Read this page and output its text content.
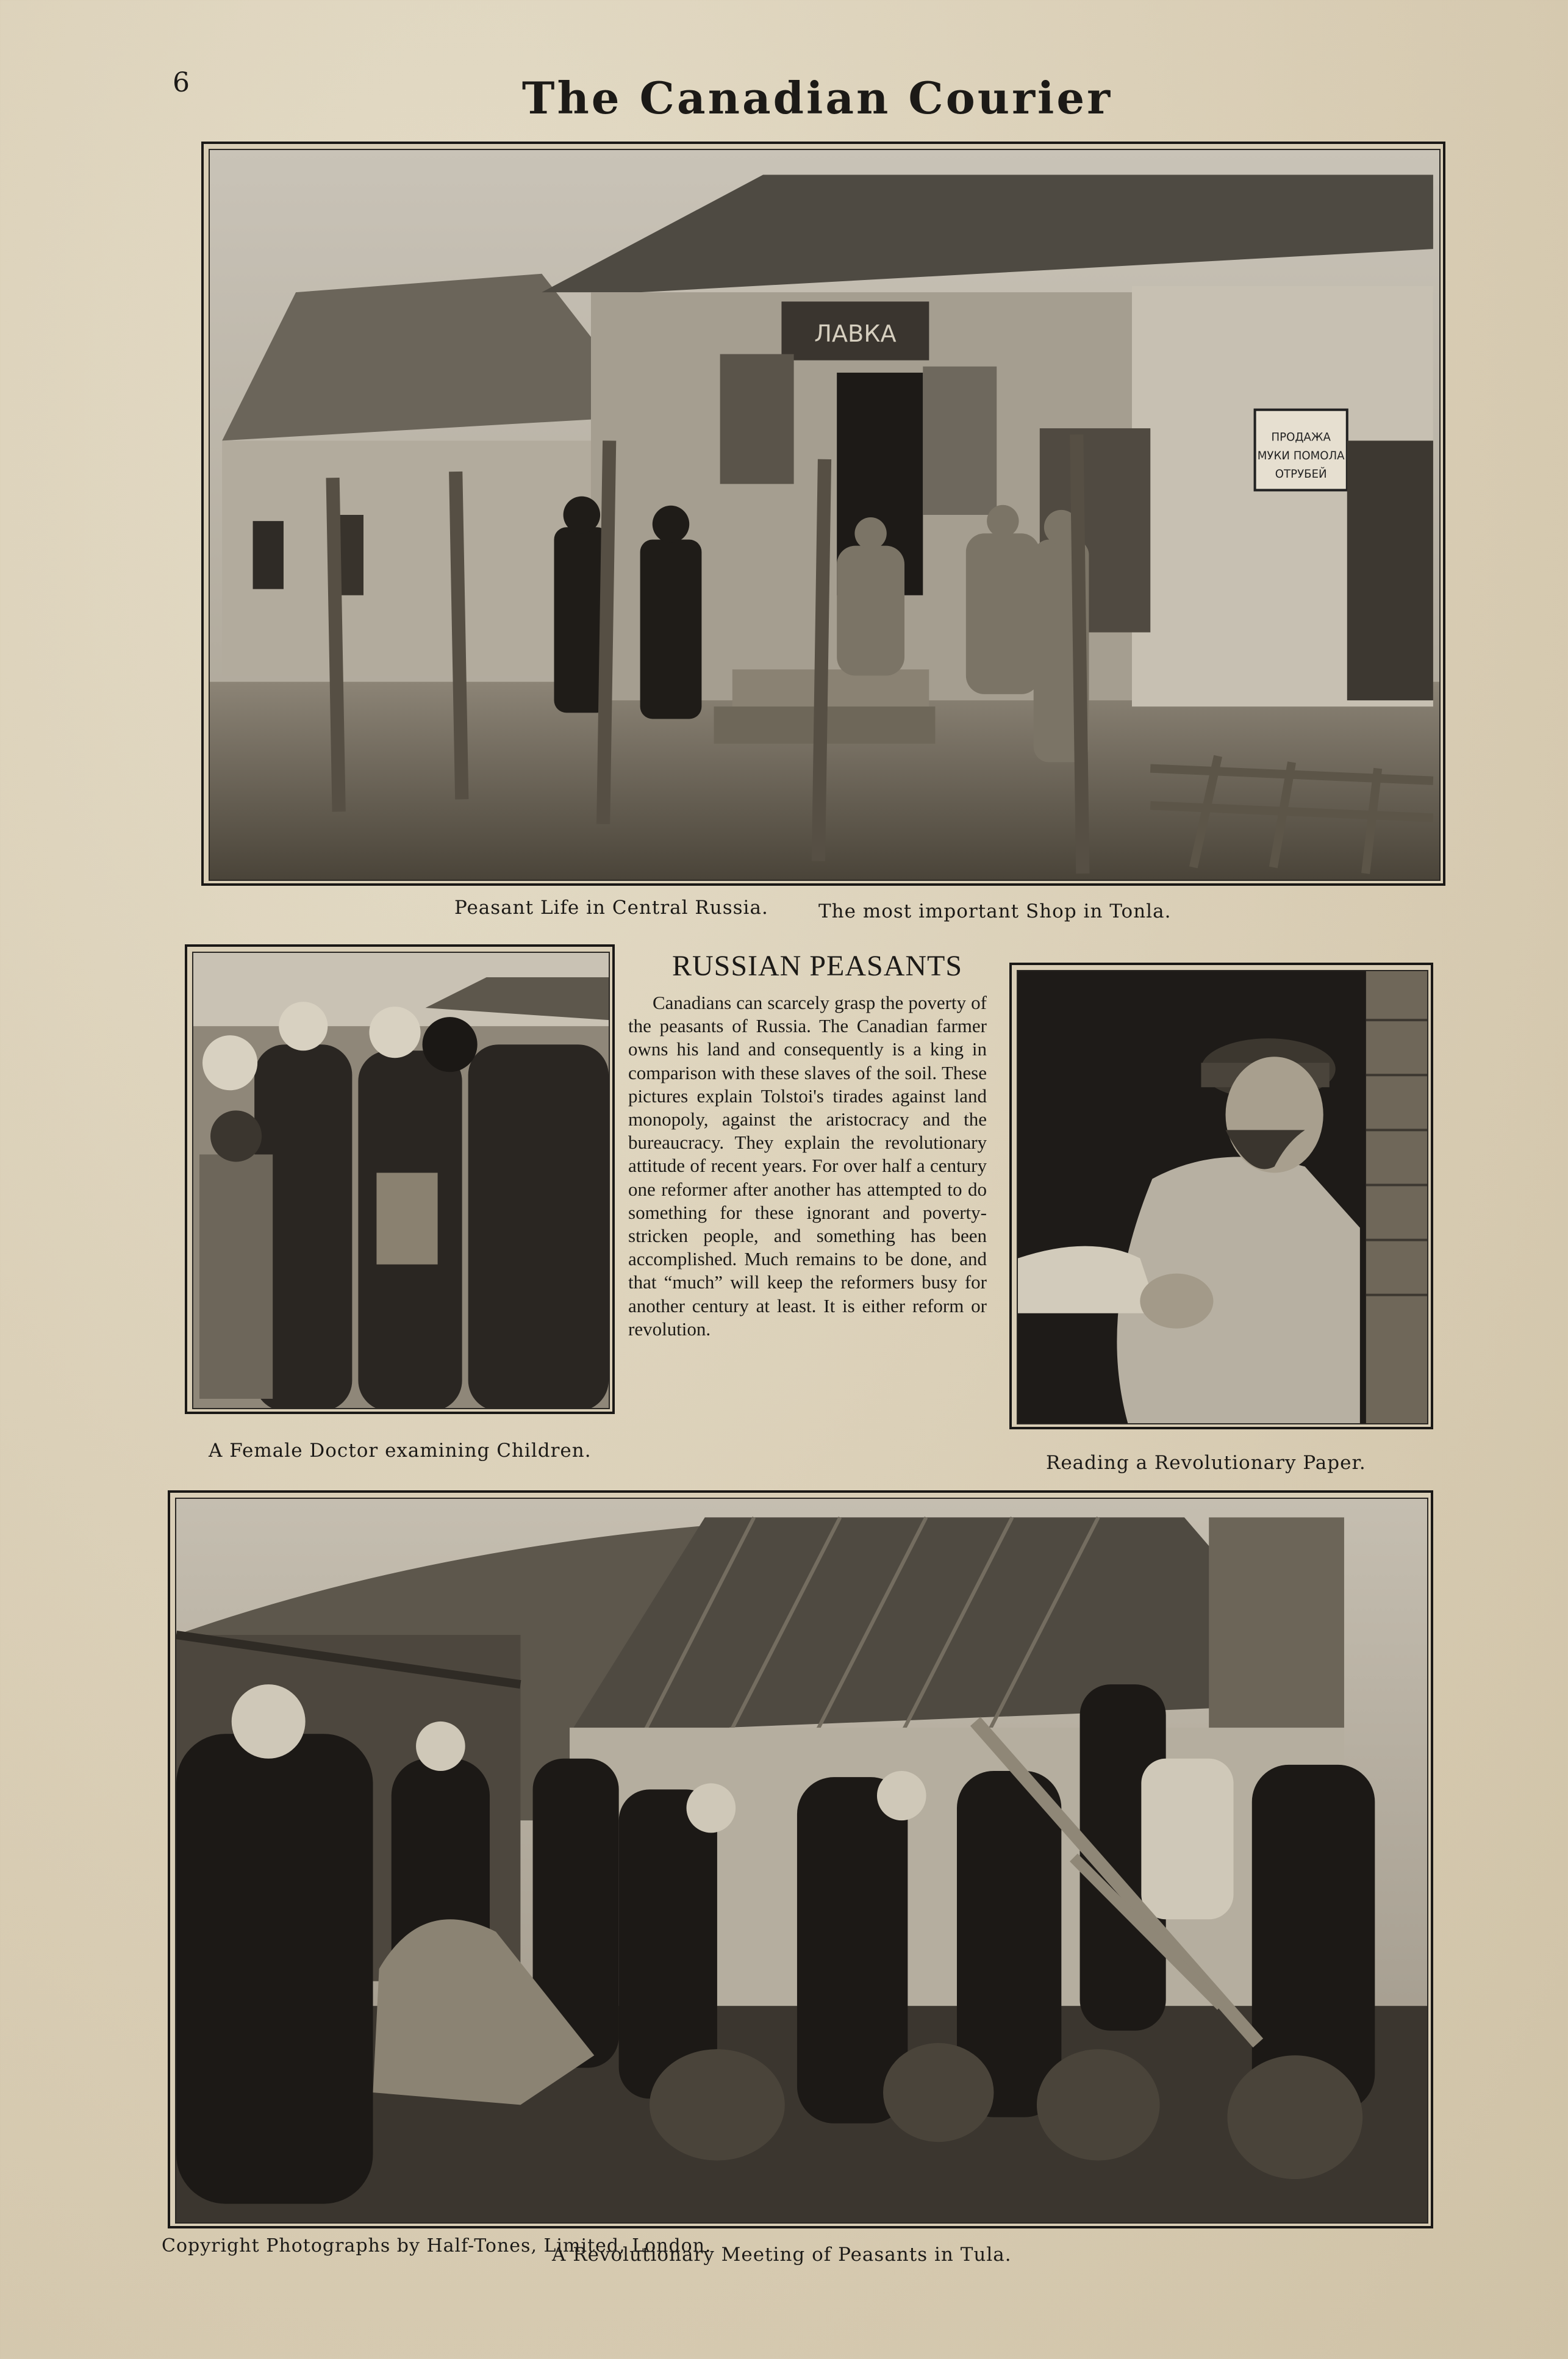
6	The Canadian Courier
ЛАВКА
ПРОДАЖА
МУКИ ПОМОЛА
ОТРУБЕЙ
Peasant Life in Central Russia.	The most important Shop in Tonla.
A Female Doctor examining Children.
RUSSIAN PEASANTS
Canadians can scarcely grasp the poverty of the peasants of Russia. The Canadian farmer owns his land and consequently is a king in comparison with these slaves of the soil. These pictures explain Tolstoi's tirades against land monopoly, against the aristocracy and the bureaucracy. They explain the revolutionary attitude of recent years. For over half a century one reformer after another has attempted to do something for these ignorant and poverty-stricken people, and something has been accomplished. Much remains to be done, and that “much” will keep the reformers busy for another century at least. It is either reform or revolution.
Reading a Revolutionary Paper.
A Revolutionary Meeting of Peasants in Tula.
Copyright Photographs by Half-Tones, Limited, London.
